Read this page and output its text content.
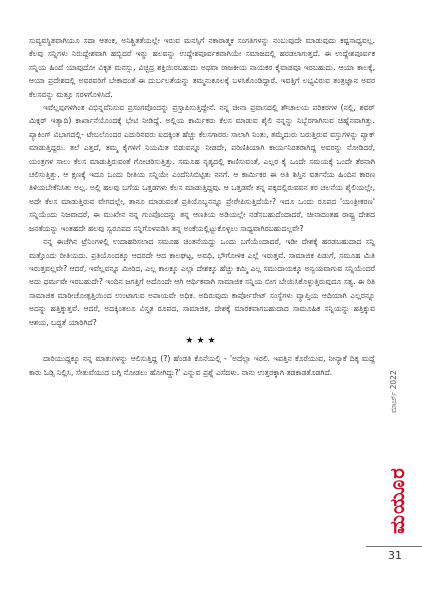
ಸುವ್ಯವಸ್ಥಿತವಾಗಿಯೂ ಸದಾ ಆತಂಕ, ಅನಿಶ್ಚಿತತೆಯಲ್ಲೇ ಇರುವ ಮನಸ್ಸಿಗೆ ನಕಾರಾತ್ಮಕ ಸಂಗತಿಗಳನ್ನು ನಂಬುವುದೇ ಮಾಡುವುದು ಕಷ್ಟಸಾಧ್ಯವಲ್ಲ. ಕೆಲವು ಸನ್ನಿಗಳು ನಿರುದ್ದೇಶವಾಗಿ ಹಬ್ಬಿದರೆ ಇನ್ನು ಹಲವನ್ನು ಉದ್ದೇಶಪೂರ್ವಕವಾಗಿಯೇ ಸಮಾಜದಲ್ಲಿ ಹರಡಲಾಗುತ್ತದೆ. ಈ ಉದ್ದೇಶಪೂರ್ವಕ ಸನ್ನಿಯ ಹಿಂದೆ ಯಾವುದೋ ವಿಕೃತ ಮನಸ್ಸು, ವಿಚ್ಛಿದ್ರ ಶಕ್ತಿಯಿರಬಹುದು ಅಥವಾ ರಾಜಕೀಯ ನಾಯಕರ ಕೈವಾಡವೂ ಇರಬಹುದು. ಆಯಾ ಕಾಲಕ್ಕೆ, ಆಯಾ ಪ್ರದೇಶದಲ್ಲಿ ಅವರವರಿಗೆ ಬೇಕಾದಂತೆ ಈ ದುರ್ಬಲತೆಯನ್ನು ತಮ್ಮನುಕೂಲಕ್ಕೆ ಬಳಸಿಕೊಂಡಿದ್ದಾರೆ. ಇವತ್ತಿಗೆ ಲಭ್ಯವಿರುವ ತಂತ್ರಜ್ಞಾನ ಅವರ ಕೆಲಸವನ್ನು ಮತ್ತೂ ಸರಳಗೊಳಿಸಿದೆ.

ಇವೆಲ್ಲವುಗಳಿಗಿಂತ ವಿಭಿನ್ನವೆನಿಸುವ ಪ್ರಸಂಗವೊಂದನ್ನು ಪ್ರಸ್ತಾಪಿಸುತ್ತಿದ್ದೇನೆ. ನನ್ನ ಚೀನಾ ಪ್ರವಾಸದಲ್ಲಿ ಶೌಚಾಲಯ ಪರಿಕರಗಳ (ನಲ್ಲಿ, ಶವರ್ ಮಿಕ್ಸರ್ ಇತ್ಯಾದಿ) ಕಾರ್ಖಾನೆಯೊಂದಕ್ಕೆ ಭೇಟಿ ನೀಡಿದ್ದೆ. ಅಲ್ಲಿಯ ಕಾರ್ಮಿಕರು ಕೆಲಸ ಮಾಡುವ ಶೈಲಿ ನನ್ನನ್ನು ನಿಬ್ಬೆರಗಾಗಿಸುವ ಚಿಹ್ನೆನವಾಗಿತ್ತು. ಪ್ಯಾಕಿಂಗ್ ವಿಭಾಗದಲ್ಲಿ- ಟೇಬಲೊಂದರ ಎದುರಿನವರು ಐದಕ್ಕಿಂತ ಹೆಚ್ಚು ಕೆಲಸಗಾರರು ಸಾಲಾಗಿ ನಿಂತು, ತಮ್ಮೆದುರು ಬರುತ್ತಿರುವ ವಸ್ತುಗಳನ್ನು ಪ್ಯಾಕ್ ಮಾಡುತ್ತಿದ್ದರು. ತಲೆ ಎತ್ತದೆ, ತಮ್ಮ ಕೈಗಳಿಗೆ ನಿಯಮಿತ ಬಿಡುವನ್ನೂ ನೀಡದೇ, ಪರಿಣಿತಿಯಾಗಿ ಕಾರ್ಯನಿರತರಾಗಿದ್ದ ಅವರನ್ನು ನೋಡಿದರೆ, ಯಂತ್ರಗಳ ಸಾಲು ಕೆಲಸ ಮಾಡುತ್ತಿರುವಂತೆ ಗೋಚರಿಸುತ್ತಿತ್ತು. ಸಮೂಹ ನೃತ್ಯದಲ್ಲಿ ಕಾಣಿಸುವಂತೆ, ಎಲ್ಲರ ಕೈ ಒಂದೇ ಸಮಯಕ್ಕೆ ಒಂದೇ ತೆರನಾಗಿ ಚಲಿಸುತ್ತಿತ್ತು. ಆ ಕ್ಷಣಕ್ಕೆ ಇದೂ ಒಂದು ರೀತಿಯ ಸನ್ನಿಯೇ ಎಂದೆನಿಸಿಬಿಟ್ಟಿತು ನನಗೆ. ಆ ಕಾರ್ಮಿಕರ ಈ ಅತಿ ಶಿಸ್ತಿನ ವರ್ತನೆಯ ಹಿಂದಿನ ಕಾರಣ ತಿಳಿಯಬೇಕೆನಿಸಿತು ಅಲ್ಲ. ಅಲ್ಲಿ ಹಲವು ಬಗೆಯ ಒತ್ತಡಗಳು ಕೆಲಸ ಮಾಡುತ್ತಿದ್ದವು. ಆ ಒತ್ತಡವೇ ತನ್ನ ಪಕ್ಕದಲ್ಲಿರುವವನ ಕರ ಚಲನೆಯ ಶೈಲಿಯಲ್ಲೇ, ಅದೇ ಕೆಲಸ ಮಾಡುತ್ತಿರುವ ವೇಗದಲ್ಲೇ, ತಾನೂ ಮಾಡುವಂತೆ ಪ್ರತಿಯೊಬ್ಬನನ್ನೂ ಪ್ರೇರೇಪಿಸುತ್ತಿದೆಯೇ? ಇದೂ ಒಂದು ರೂಪದ 'ಯಂತ್ರೀಕರಣ' ಸನ್ನಿಯೆಂದು ನಿಜವಾದರೆ, ಈ ಮುಖೇನ ನನ್ನ ಗುಂಪೊಂದನ್ನು ತನ್ನ ಆಣತಿಯ ಅಡಿಯಲ್ಲೇ ನಡೆಸಬಹುದೆಂದಾದರೆ, ಚೀನಾದಂತಹ ರಾಷ್ಟ್ರ ದೇಶದ ಜನತೆಯನ್ನು ಇಂತಹದೇ ಹಲವು ಸ್ವರೂಪದ ಸನ್ನಿಗೊಳಪಡಿಸಿ ತನ್ನ ಅಂಕೆಯಲ್ಲಿಟ್ಟುಕೊಳ್ಳಲು ಸಾಧ್ಯವಾಗಿರಬಹುದಲ್ಲವೇ?

ನನ್ನ ಈಚೆಗಿನ ಟ್ರೆನಿಂಗಳಲ್ಲಿ ಉದಾಹರಿಸಲಾದ ಸಮೂಹ ಚಿಂತನೆಯದ್ದು ಒಂದು ಬಗೆಯೆಂದಾದರೆ, ಇಡೀ ದೇಶಕ್ಕೆ ಹರಡಬಹುದಾದ ಸನ್ನಿ ಮತ್ತೊಂದು ರೀತಿಯದು. ಪ್ರತಿಯೊಂದಕ್ಕೂ ಆದರದೇ ಆದ ಕಾಲಘಟ್ಟ, ಅವಧಿ, ಭೌಗೋಳಿಕ ಎಲ್ಲೆ ಇರುತ್ತವೆ. ಸಾಮಾಜಿಕ ಪಿಡುಗೆ, ಸಮೂಹ ಮಿತಿ ಇರುತ್ತವಲ್ಲವೇ? ಆದರೆ, ಇವೆಲ್ಲವನ್ನೂ ಮೀರಿದ, ಎಲ್ಲ ಕಾಲಕ್ಕೂ ಎಲ್ಲಾ ದೇಶಕ್ಕೂ ಹೆಚ್ಚು ಕಮ್ಮಿ ಎಲ್ಲ ಸಮುದಾಯಕ್ಕೂ ಅನ್ವಯವಾಗುವ ಸನ್ನಿಯೆಂದರೆ ಅದು ಧರ್ಮವೇ ಇರಬಹುದೇ? ಇಂದಿನ ಜಗತ್ತಿಗೆ ಅದೊಂದೇ ಆಗಿ ಆರ್ಥಿಕವಾಗಿ ಸಾಮಾಜಿಕ ಸನ್ನಿಯ ಬೀಗ ಬೇಯಿಸಿಕೊಳ್ಳುತ್ತಿರುವುದೂ ಸತ್ಯ. ಈ ರಿತಿ ಸಾಮಾಜಿಕ ಮಾರೀಚೋತ್ಪತ್ತಿಯಿಂದ ಉಂಟಾಗುವ ಅಪಾಯವೇ ಅಧಿಕ. ಅದಿರುವುದು ಕಾರ್ಪೋರೇಟ್ ಸಂಸ್ಥೆಗಳು ವ್ಯಾಪ್ತಿಯ ಆದಿಯಾಗಿ ಎಲ್ಲರನ್ನೂ ಅದನ್ನು ಹತ್ತಿಕ್ಕುತ್ತವೆ. ಆದರೆ, ಅದಕ್ಕಿಂತಲೂ ವಿಸ್ತೃತ ರೂಪದ, ಸಾಮಾಜಿಕ, ದೇಶಕ್ಕೆ ಮಾರಕವಾಗಬಹುದಾದ ಸಾಮೂಹಿಕ ಸನ್ನಿಯನ್ನು ಹತ್ತಿಕ್ಕುವ ಆಶಯ, ಬದ್ಧತೆ ಯಾರಿಗಿದೆ?

★★★

ದಾರಿಯುದ್ದಕ್ಕೂ ನನ್ನ ಮಾತುಗಳನ್ನು ಆಲಿಸುತ್ತಿದ್ದ (?) ಹೆಂಡತಿ ಕೊನೆಯಲ್ಲಿ - 'ಅದೆಲ್ಲಾ ಇರಲಿ. ಇವತ್ತಿನ ಕೊರೆಯುವ, ನೀನ್ಯಾಕೆ ದಿಕ್ಕ ಮದ್ದೆ ಕಾರು ಓಡ್ಸಿ ನಿಲ್ಲಿಸಿ, ಸೇತುವೆಯುದ ಬಗ್ಗಿ ನೋಡಲು ಹೋಗಿದ್ದು?' ಎನ್ನುವ ಪ್ರಶ್ನೆ ಎಸೆದಳು. ನಾನು ಉತ್ತರಕ್ಕಾಗಿ ತಡಕಾಡತೊಡಗಿದೆ.	ಮಾರ್ಚ್ 2022
ಮಯೂರ
31
